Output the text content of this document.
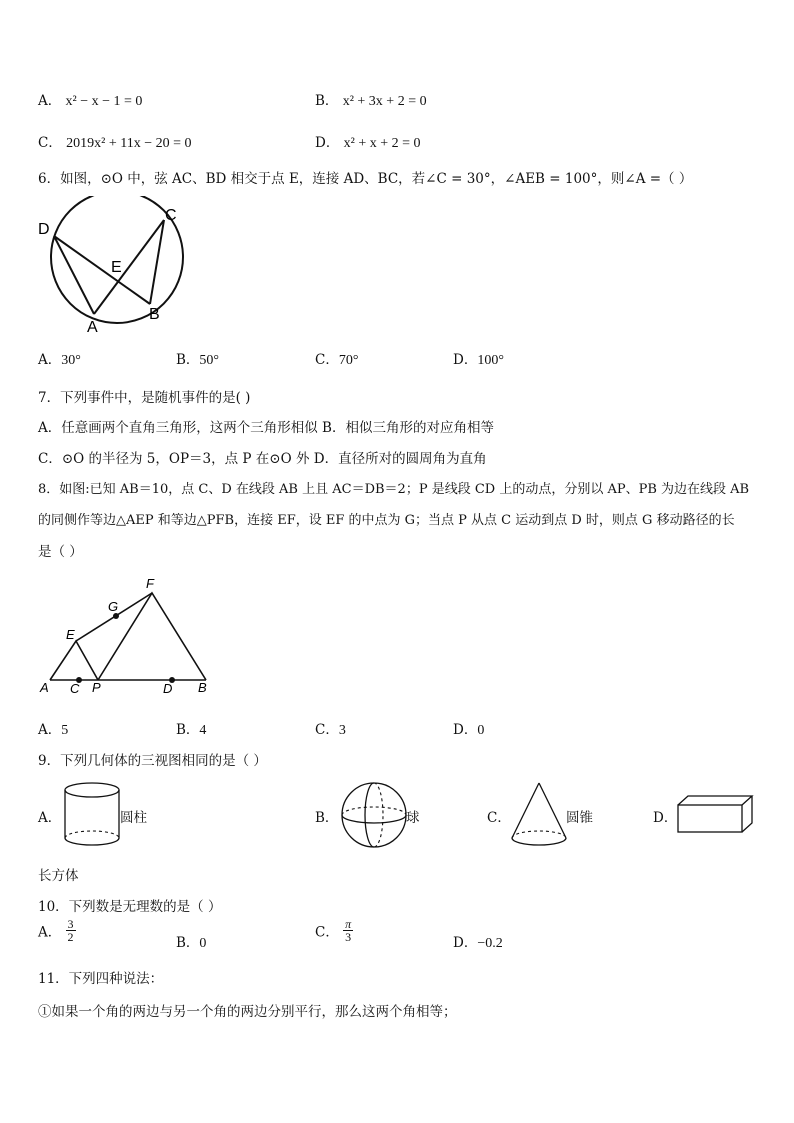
A． x² − x − 1 = 0	B． x² + 3x + 2 = 0
C． 2019x² + 11x − 20 = 0	D． x² + x + 2 = 0
6．如图，⊙O 中，弦 AC、BD 相交于点 E，连接 AD、BC，若∠C = 30°，∠AEB = 100°，则∠A =（ ）
D
C
E
A
B
A．30°	B．50°	C．70°	D．100°
7．下列事件中，是随机事件的是( )
A．任意画两个直角三角形，这两个三角形相似 B．相似三角形的对应角相等
C．⊙O 的半径为 5，OP＝3，点 P 在⊙O 外 D．直径所对的圆周角为直角
8．如图:已知 AB＝10，点 C、D 在线段 AB 上且 AC＝DB＝2；P 是线段 CD 上的动点，分别以 AP、PB 为边在线段 AB
的同侧作等边△AEP 和等边△PFB，连接 EF，设 EF 的中点为 G；当点 P 从点 C 运动到点 D 时，则点 G 移动路径的长
是（ ）
A C P	D B
E
G
F
A．5	B．4	C．3	D．0
9．下列几何体的三视图相同的是（ ）
A．	圆柱	B．	球	C．	圆锥	D．
长方体
10．下列数是无理数的是（ ）
A． $\frac{3}{2}$	B．0
C． $\frac{\pi}{3}$	D．−0.2
11．下列四种说法：
①如果一个角的两边与另一个角的两边分别平行，那么这两个角相等；
